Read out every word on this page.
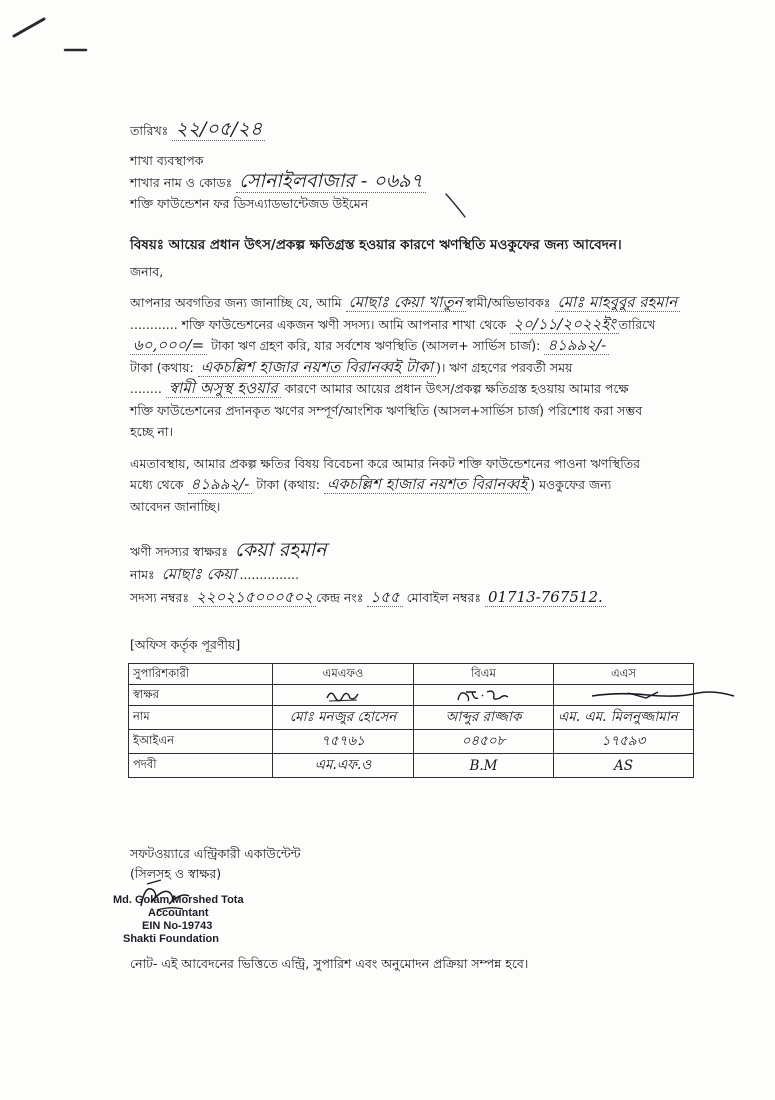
তারিখঃ ২২/০৫/২৪
শাখা ব্যবস্থাপক
শাখার নাম ও কোডঃ সোনাইলবাজার - ০৬৯৭
শক্তি ফাউন্ডেশন ফর ডিসএ্যাডভান্টেজড উইমেন
বিষয়ঃ আয়ের প্রধান উৎস/প্রকল্প ক্ষতিগ্রস্ত হওয়ার কারণে ঋণস্থিতি মওকুফের জন্য আবেদন।
জনাব,
আপনার অবগতির জন্য জানাচ্ছি যে, আমি মোছাঃ কেয়া খাতুন স্বামী/অভিভাবকঃ মোঃ মাহবুবুর রহমান
............ শক্তি ফাউন্ডেশনের একজন ঋণী সদস্য। আমি আপনার শাখা থেকে ২০/১১/২০২২ইং তারিখে
৬০,০০০/= টাকা ঋণ গ্রহণ করি, যার সর্বশেষ ঋণস্থিতি (আসল+ সার্ভিস চার্জ): ৪১৯৯২/-
টাকা (কথায়: একচল্লিশ হাজার নয়শত বিরানব্বই টাকা )। ঋণ গ্রহণের পরবর্তী সময়
........ স্বামী অসুস্থ হওয়ার কারণে আমার আয়ের প্রধান উৎস/প্রকল্প ক্ষতিগ্রস্ত হওয়ায় আমার পক্ষে
শক্তি ফাউন্ডেশনের প্রদানকৃত ঋণের সম্পূর্ণ/আংশিক ঋণস্থিতি (আসল+সার্ভিস চার্জ) পরিশোধ করা সম্ভব
হচ্ছে না।
এমতাবস্থায়, আমার প্রকল্প ক্ষতির বিষয় বিবেচনা করে আমার নিকট শক্তি ফাউন্ডেশনের পাওনা ঋণস্থিতির
মধ্যে থেকে ৪১৯৯২/- টাকা (কথায়: একচল্লিশ হাজার নয়শত বিরানব্বই ) মওকুফের জন্য
আবেদন জানাচ্ছি।
ঋণী সদস্যর স্বাক্ষরঃ কেয়া রহমান
নামঃ মোছাঃ কেয়া ...............
সদস্য নম্বরঃ ২২০২১৫০০০৫০২ কেন্দ্র নংঃ ১৫৫ মোবাইল নম্বরঃ 01713-767512.
[অফিস কর্তৃক পূরণীয়]
সুপারিশকারী	এমএফও	বিএম	এএস
স্বাক্ষর	

নাম	মোঃ মনজুর হোসেন	আব্দুর রাজ্জাক	এম. এম. মিলনুজ্জামান
ইআইএন	৭৫৭৬১	০৪৫০৮	১৭৫৯৩
পদবী	এম.এফ.ও	B.M	AS
সফটওয়্যারে এন্ট্রিকারী একাউন্টেন্ট
(সিলসহ ও স্বাক্ষর)
Md. Golam Morshed Tota
Accountant
EIN No-19743
Shakti Foundation
নোট- এই আবেদনের ভিত্তিতে এন্ট্রি, সুপারিশ এবং অনুমোদন প্রক্রিয়া সম্পন্ন হবে।
